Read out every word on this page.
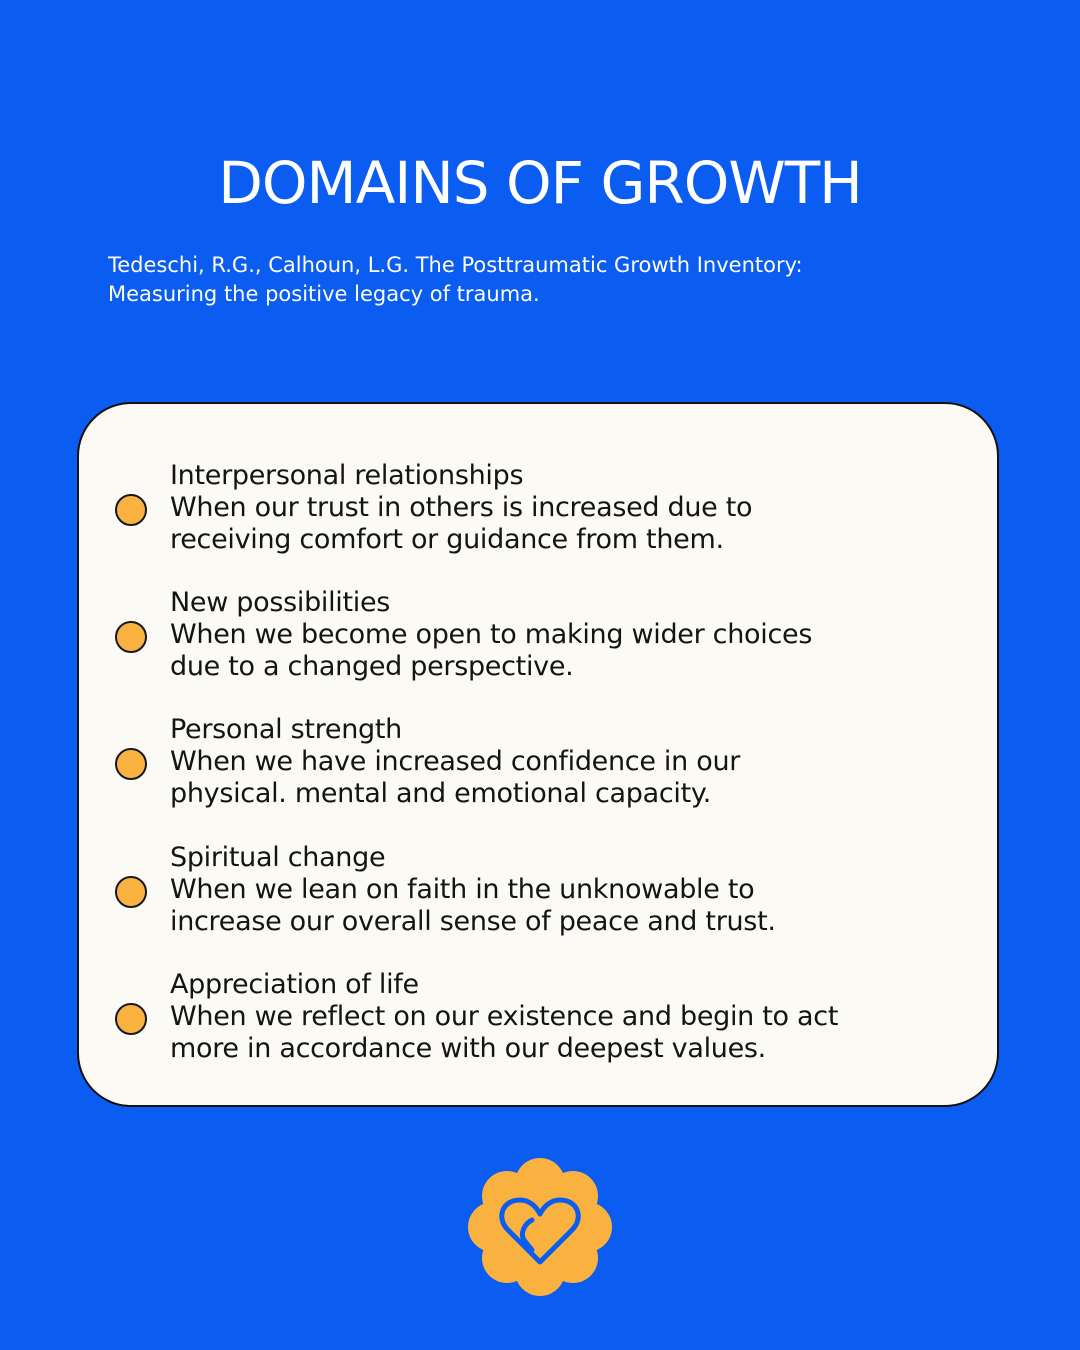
DOMAINS OF GROWTH

Tedeschi, R.G., Calhoun, L.G. The Posttraumatic Growth Inventory:
Measuring the positive legacy of trauma.

Interpersonal relationships
When our trust in others is increased due to
receiving comfort or guidance from them.

New possibilities
When we become open to making wider choices
due to a changed perspective.

Personal strength
When we have increased confidence in our
physical. mental and emotional capacity.

Spiritual change
When we lean on faith in the unknowable to
increase our overall sense of peace and trust.

Appreciation of life
When we reflect on our existence and begin to act
more in accordance with our deepest values.
